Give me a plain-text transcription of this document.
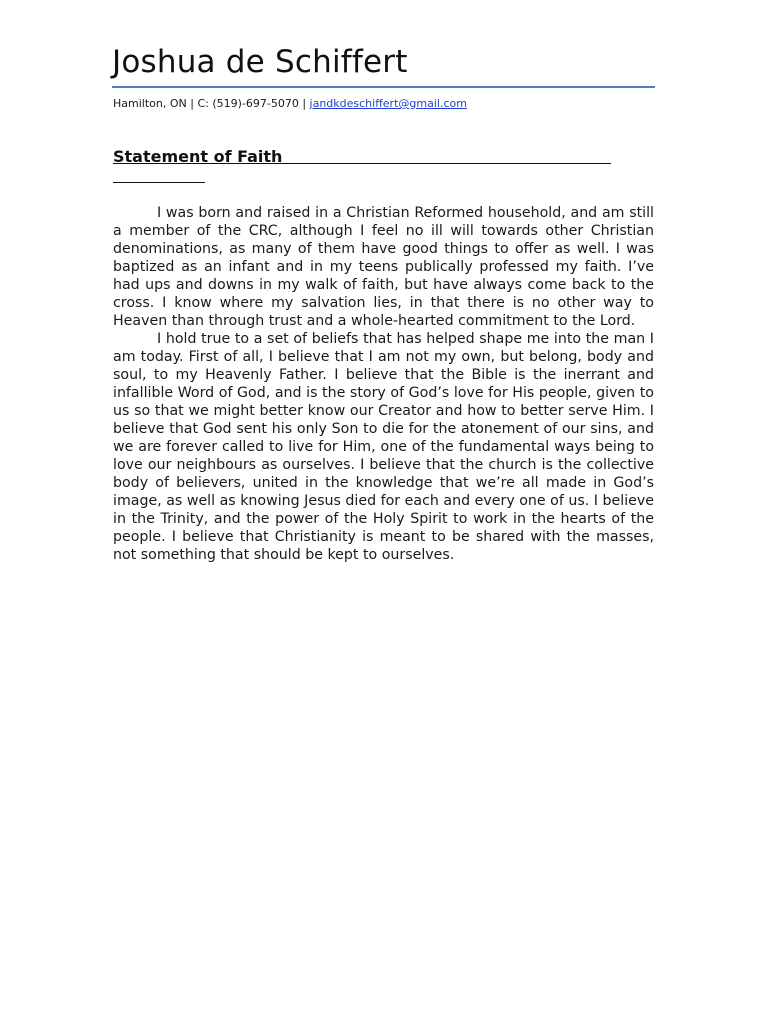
Joshua de Schiffert
Hamilton, ON | C: (519)-697-5070 | jandkdeschiffert@gmail.com
Statement of Faith

I was born and raised in a Christian Reformed household, and am still a member of the CRC, although I feel no ill will towards other Christian denominations, as many of them have good things to offer as well. I was baptized as an infant and in my teens publically professed my faith. I’ve had ups and downs in my walk of faith, but have always come back to the cross. I know where my salvation lies, in that there is no other way to Heaven than through trust and a whole-hearted commitment to the Lord.

I hold true to a set of beliefs that has helped shape me into the man I am today. First of all, I believe that I am not my own, but belong, body and soul, to my Heavenly Father. I believe that the Bible is the inerrant and infallible Word of God, and is the story of God’s love for His people, given to us so that we might better know our Creator and how to better serve Him. I believe that God sent his only Son to die for the atonement of our sins, and we are forever called to live for Him, one of the fundamental ways being to love our neighbours as ourselves. I believe that the church is the collective body of believers, united in the knowledge that we’re all made in God’s image, as well as knowing Jesus died for each and every one of us. I believe in the Trinity, and the power of the Holy Spirit to work in the hearts of the people. I believe that Christianity is meant to be shared with the masses, not something that should be kept to ourselves.
